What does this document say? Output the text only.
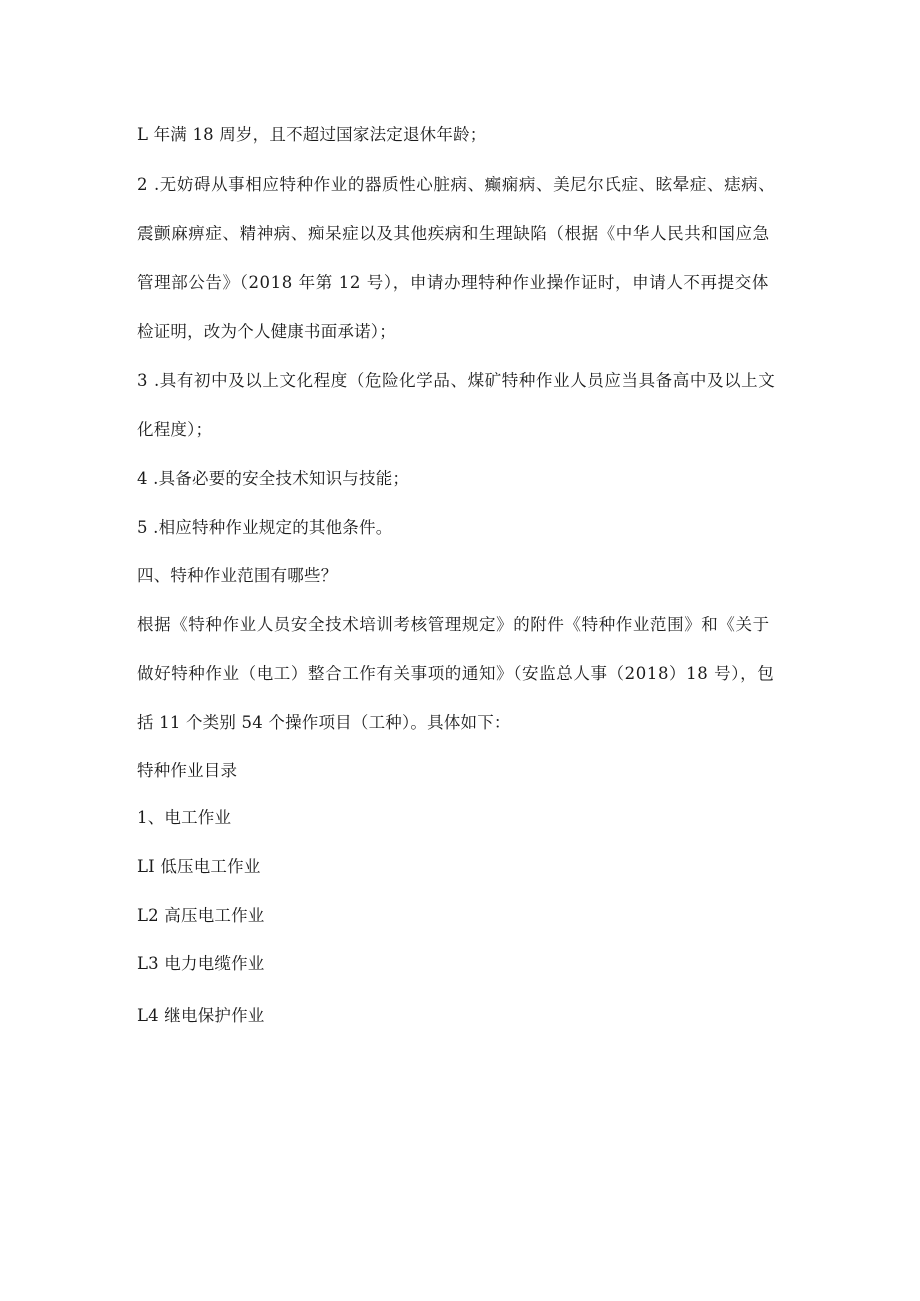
L 年满 18 周岁，且不超过国家法定退休年龄；
2 .无妨碍从事相应特种作业的器质性心脏病、癫痫病、美尼尔氏症、眩晕症、痣病、
震颤麻痹症、精神病、痴呆症以及其他疾病和生理缺陷（根据《中华人民共和国应急
管理部公告》（2018 年第 12 号），申请办理特种作业操作证时，申请人不再提交体
检证明，改为个人健康书面承诺）；
3 .具有初中及以上文化程度（危险化学品、煤矿特种作业人员应当具备高中及以上文
化程度）；
4 .具备必要的安全技术知识与技能；
5 .相应特种作业规定的其他条件。
四、特种作业范围有哪些？
根据《特种作业人员安全技术培训考核管理规定》的附件《特种作业范围》和《关于
做好特种作业（电工）整合工作有关事项的通知》（安监总人事（2018）18 号），包
括 11 个类别 54 个操作项目（工种）。具体如下：
特种作业目录
1、电工作业
LI 低压电工作业
L2 高压电工作业
L3 电力电缆作业
L4 继电保护作业
